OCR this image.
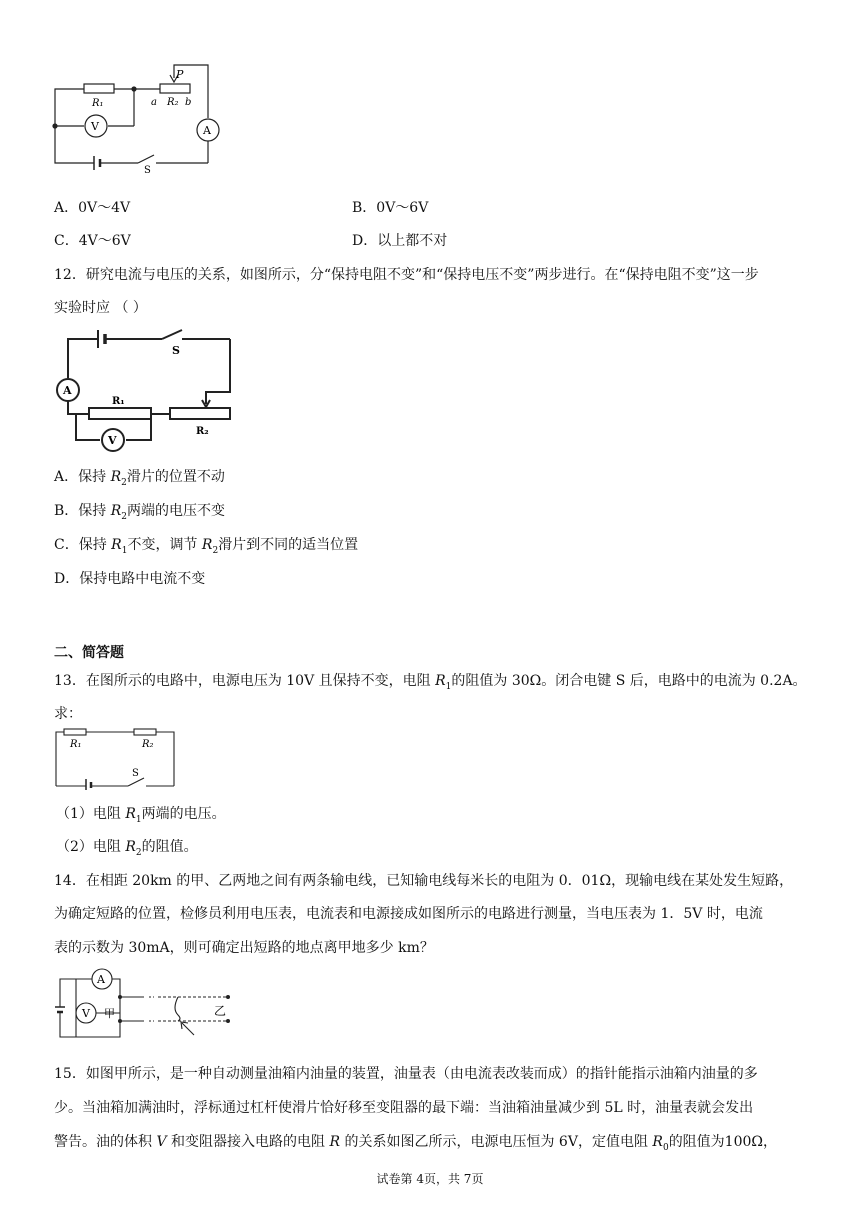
P
R₁	a R₂ b
V	A
S
A．0V～4V	B．0V～6V
C．4V～6V	D．以上都不对
12．研究电流与电压的关系，如图所示，分“保持电阻不变”和“保持电压不变”两步进行。在“保持电阻不变”这一步
实验时应 （ ）
S
A
R₁
R₂
V
A．保持 $R_2$滑片的位置不动
B．保持 $R_2$两端的电压不变
C．保持 $R_1$不变，调节 $R_2$滑片到不同的适当位置
D．保持电路中电流不变
二、简答题
13．在图所示的电路中，电源电压为 10V 且保持不变，电阻 $R_1$的阻值为 30Ω。闭合电键 S 后，电路中的电流为 0.2A。
求：
R₁	R₂
S
（1）电阻 $R_1$两端的电压。
（2）电阻 $R_2$的阻值。
14．在相距 20km 的甲、乙两地之间有两条输电线，已知输电线每米长的电阻为 0．01Ω，现输电线在某处发生短路，
为确定短路的位置，检修员利用电压表，电流表和电源接成如图所示的电路进行测量，当电压表为 1．5V 时，电流
表的示数为 30mA，则可确定出短路的地点离甲地多少 km？
A
V 甲	乙
15．如图甲所示，是一种自动测量油箱内油量的装置，油量表（由电流表改装而成）的指针能指示油箱内油量的多
少。当油箱加满油时，浮标通过杠杆使滑片恰好移至变阻器的最下端：当油箱油量减少到 5L 时，油量表就会发出
警告。油的体积 V 和变阻器接入电路的电阻 R 的关系如图乙所示，电源电压恒为 6V，定值电阻 $R_0$的阻值为100Ω，
试卷第 4页，共 7页
